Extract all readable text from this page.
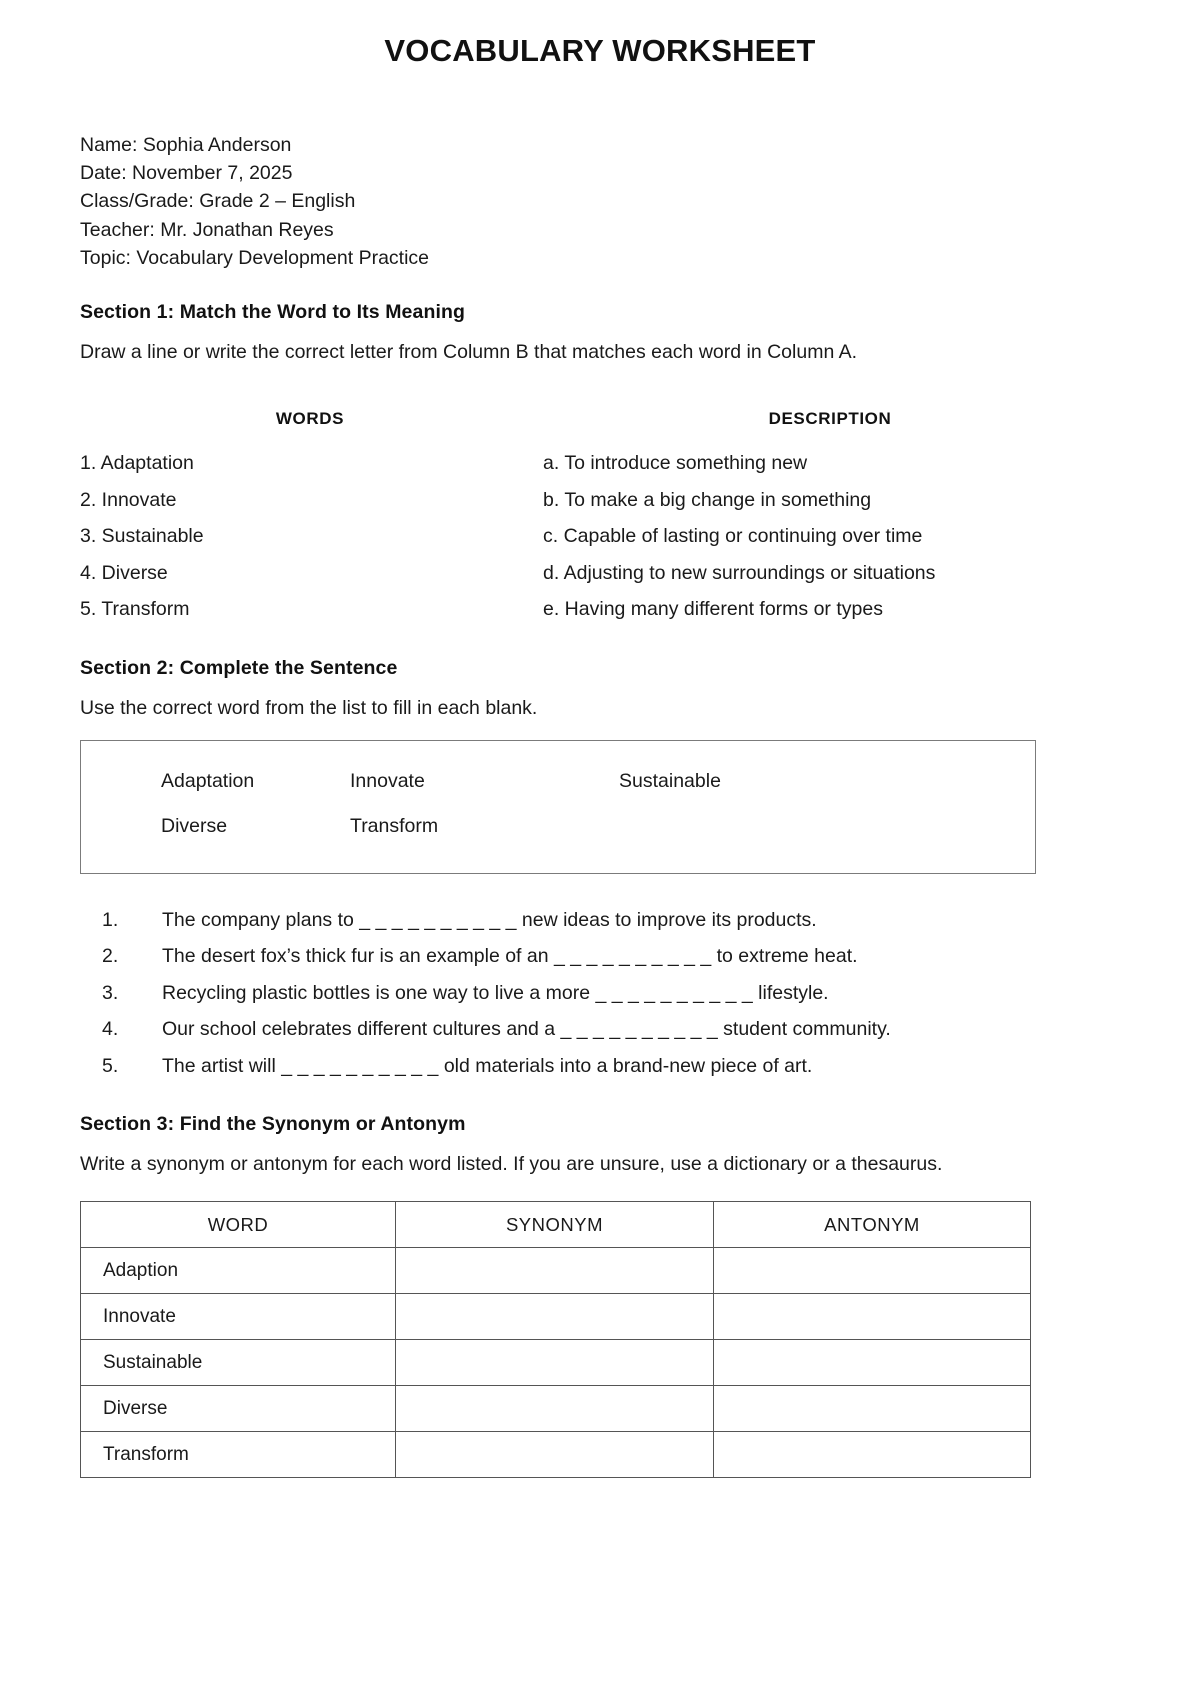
VOCABULARY WORKSHEET
Name: Sophia Anderson
Date: November 7, 2025
Class/Grade: Grade 2 – English
Teacher: Mr. Jonathan Reyes
Topic: Vocabulary Development Practice
Section 1: Match the Word to Its Meaning
Draw a line or write the correct letter from Column B that matches each word in Column A.
WORDS	DESCRIPTION
1. Adaptation	a. To introduce something new
2. Innovate	b. To make a big change in something
3. Sustainable	c. Capable of lasting or continuing over time
4. Diverse	d. Adjusting to new surroundings or situations
5. Transform	e. Having many different forms or types
Section 2: Complete the Sentence
Use the correct word from the list to fill in each blank.
Adaptation	Innovate	Sustainable
Diverse	Transform
1.	The company plans to _ _ _ _ _ _ _ _ _ _ new ideas to improve its products.
2.	The desert fox’s thick fur is an example of an _ _ _ _ _ _ _ _ _ _ to extreme heat.
3.	Recycling plastic bottles is one way to live a more _ _ _ _ _ _ _ _ _ _ lifestyle.
4.	Our school celebrates different cultures and a _ _ _ _ _ _ _ _ _ _ student community.
5.	The artist will _ _ _ _ _ _ _ _ _ _ old materials into a brand-new piece of art.
Section 3: Find the Synonym or Antonym
Write a synonym or antonym for each word listed. If you are unsure, use a dictionary or a thesaurus.
WORD	SYNONYM	ANTONYM
Adaption		
Innovate		
Sustainable		
Diverse		
Transform		
